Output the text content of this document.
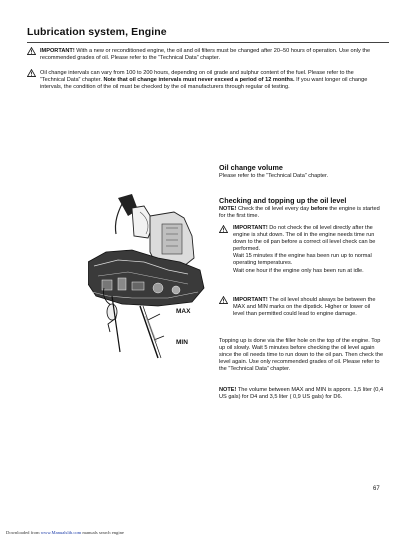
Lubrication system, Engine
IMPORTANT! With a new or reconditioned engine, the oil and oil filters must be changed after 20–50 hours of operation. Use only the recommended grades of oil. Please refer to the “Technical Data” chapter.
Oil change intervals can vary from 100 to 200 hours, depending on oil grade and sulphur content of the fuel. Please refer to the “Technical Data” chapter. Note that oil change intervals must never exceed a period of 12 months. If you want longer oil change intervals, the condition of the oil must be checked by the oil manufacturers through regular oil testing.
Oil change volume
Please refer to the “Technical Data” chapter.
Checking and topping up the oil level
NOTE! Check the oil level every day before the engine is started for the first time.
IMPORTANT! Do not check the oil level directly after the engine is shut down. The oil in the engine needs time run down to the oil pan before a correct oil level check can be performed.
Wait 15 minutes if the engine has been run up to normal operating temperatures.
Wait one hour if the engine only has been run at idle.
IMPORTANT! The oil level should always be between the MAX and MIN marks on the dipstick. Higher or lower oil level than permitted could lead to engine damage.
Topping up is done via the filler hole on the top of the engine. Top up oil slowly. Wait 5 minutes before checking the oil level again since the oil needs time to run down to the oil pan. Then check the level again. Use only recommended grades of oil. Please refer to the “Technical Data” chapter.
NOTE! The volume between MAX and MIN is apporx. 1,5 liter (0,4 US gals) for D4 and 3,5 liter ( 0,9 US gals) for D6.
MAX
MIN
67
Downloaded from www.Manualslib.com manuals search engine
